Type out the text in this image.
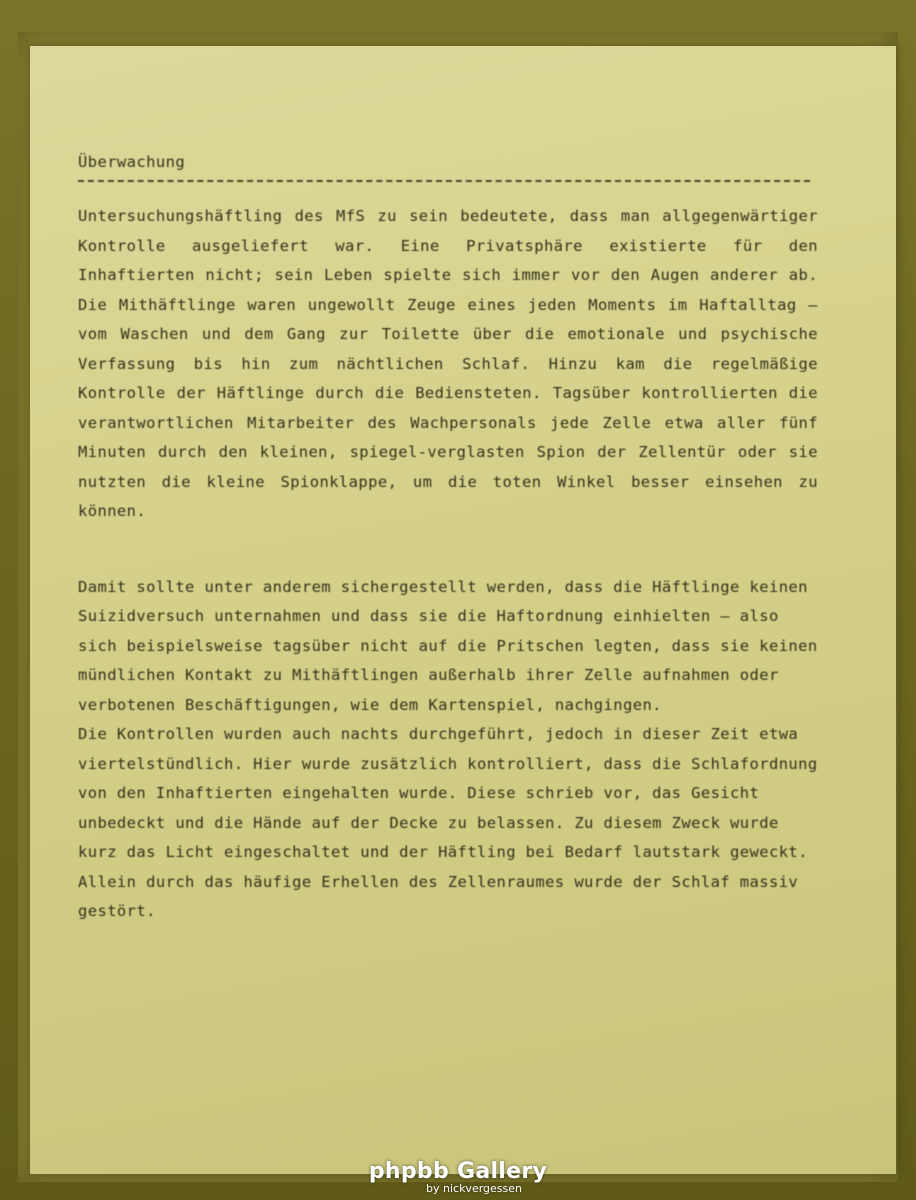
Überwachung

Untersuchungshäftling des MfS zu sein bedeutete, dass man allgegenwärtiger Kontrolle ausgeliefert war. Eine Privatsphäre existierte für den Inhaftierten nicht; sein Leben spielte sich immer vor den Augen anderer ab. Die Mithäftlinge waren ungewollt Zeuge eines jeden Moments im Haftalltag – vom Waschen und dem Gang zur Toilette über die emotionale und psychische Verfassung bis hin zum nächtlichen Schlaf. Hinzu kam die regelmäßige Kontrolle der Häftlinge durch die Bediensteten. Tagsüber kontrollierten die verantwortlichen Mitarbeiter des Wachpersonals jede Zelle etwa aller fünf Minuten durch den kleinen, spiegel-verglasten Spion der Zellentür oder sie nutzten die kleine Spionklappe, um die toten Winkel besser einsehen zu können.

Damit sollte unter anderem sichergestellt werden, dass die Häftlinge keinen Suizidversuch unternahmen und dass sie die Haftordnung einhielten – also sich beispielsweise tagsüber nicht auf die Pritschen legten, dass sie keinen mündlichen Kontakt zu Mithäftlingen außerhalb ihrer Zelle aufnahmen oder verbotenen Beschäftigungen, wie dem Kartenspiel, nachgingen.

Die Kontrollen wurden auch nachts durchgeführt, jedoch in dieser Zeit etwa viertelstündlich. Hier wurde zusätzlich kontrolliert, dass die Schlafordnung von den Inhaftierten eingehalten wurde. Diese schrieb vor, das Gesicht unbedeckt und die Hände auf der Decke zu belassen. Zu diesem Zweck wurde kurz das Licht eingeschaltet und der Häftling bei Bedarf lautstark geweckt. Allein durch das häufige Erhellen des Zellenraumes wurde der Schlaf massiv gestört.

phpbb Gallery
by nickvergessen
